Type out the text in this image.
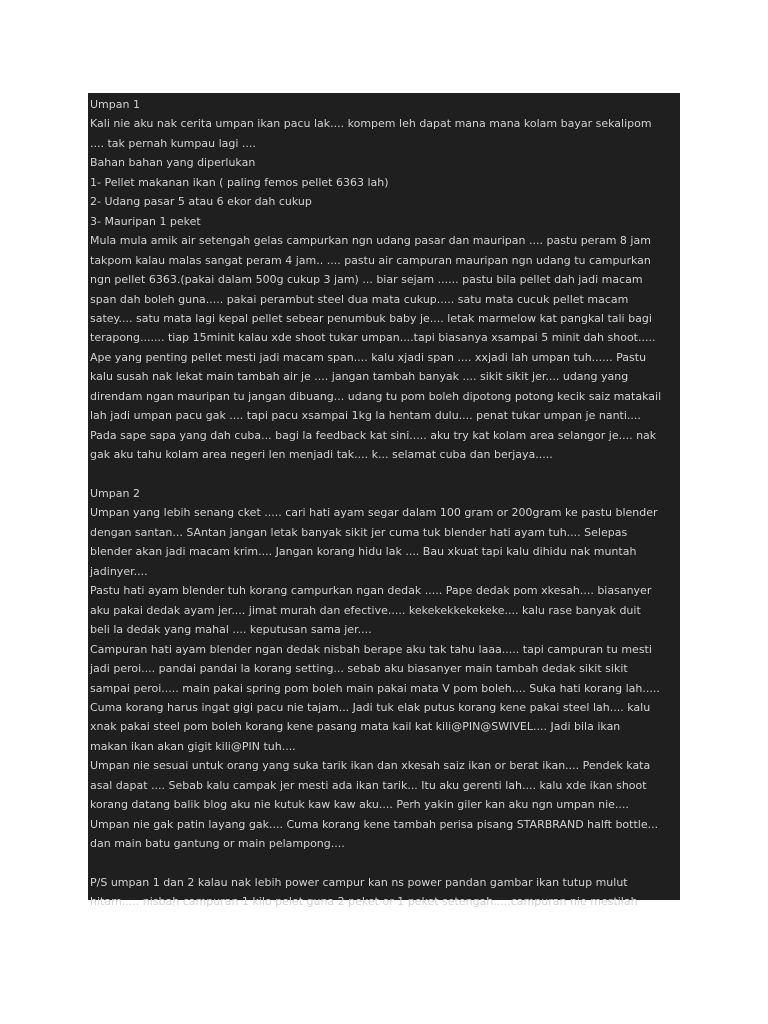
Umpan 1
Kali nie aku nak cerita umpan ikan pacu lak.... kompem leh dapat mana mana kolam bayar sekalipom
.... tak pernah kumpau lagi ....
Bahan bahan yang diperlukan
1- Pellet makanan ikan ( paling femos pellet 6363 lah)
2- Udang pasar 5 atau 6 ekor dah cukup
3- Mauripan 1 peket
Mula mula amik air setengah gelas campurkan ngn udang pasar dan mauripan .... pastu peram 8 jam
takpom kalau malas sangat peram 4 jam.. .... pastu air campuran mauripan ngn udang tu campurkan
ngn pellet 6363.(pakai dalam 500g cukup 3 jam) ... biar sejam ...... pastu bila pellet dah jadi macam
span dah boleh guna..... pakai perambut steel dua mata cukup..... satu mata cucuk pellet macam
satey.... satu mata lagi kepal pellet sebear penumbuk baby je.... letak marmelow kat pangkal tali bagi
terapong....... tiap 15minit kalau xde shoot tukar umpan....tapi biasanya xsampai 5 minit dah shoot.....
Ape yang penting pellet mesti jadi macam span.... kalu xjadi span .... xxjadi lah umpan tuh...... Pastu
kalu susah nak lekat main tambah air je .... jangan tambah banyak .... sikit sikit jer.... udang yang
direndam ngan mauripan tu jangan dibuang... udang tu pom boleh dipotong potong kecik saiz matakail
lah jadi umpan pacu gak .... tapi pacu xsampai 1kg la hentam dulu.... penat tukar umpan je nanti....
Pada sape sapa yang dah cuba... bagi la feedback kat sini..... aku try kat kolam area selangor je.... nak
gak aku tahu kolam area negeri len menjadi tak.... k... selamat cuba dan berjaya.....
Umpan 2
Umpan yang lebih senang cket ..... cari hati ayam segar dalam 100 gram or 200gram ke pastu blender
dengan santan... SAntan jangan letak banyak sikit jer cuma tuk blender hati ayam tuh.... Selepas
blender akan jadi macam krim.... Jangan korang hidu lak .... Bau xkuat tapi kalu dihidu nak muntah
jadinyer....
Pastu hati ayam blender tuh korang campurkan ngan dedak ..... Pape dedak pom xkesah.... biasanyer
aku pakai dedak ayam jer.... jimat murah dan efective..... kekekekkekekeke.... kalu rase banyak duit
beli la dedak yang mahal .... keputusan sama jer....
Campuran hati ayam blender ngan dedak nisbah berape aku tak tahu laaa..... tapi campuran tu mesti
jadi peroi.... pandai pandai la korang setting... sebab aku biasanyer main tambah dedak sikit sikit
sampai peroi..... main pakai spring pom boleh main pakai mata V pom boleh.... Suka hati korang lah.....
Cuma korang harus ingat gigi pacu nie tajam... Jadi tuk elak putus korang kene pakai steel lah.... kalu
xnak pakai steel pom boleh korang kene pasang mata kail kat kili@PIN@SWIVEL.... Jadi bila ikan
makan ikan akan gigit kili@PIN tuh....
Umpan nie sesuai untuk orang yang suka tarik ikan dan xkesah saiz ikan or berat ikan.... Pendek kata
asal dapat .... Sebab kalu campak jer mesti ada ikan tarik... Itu aku gerenti lah.... kalu xde ikan shoot
korang datang balik blog aku nie kutuk kaw kaw aku.... Perh yakin giler kan aku ngn umpan nie....
Umpan nie gak patin layang gak.... Cuma korang kene tambah perisa pisang STARBRAND halft bottle...
dan main batu gantung or main pelampong....
P/S umpan 1 dan 2 kalau nak lebih power campur kan ns power pandan gambar ikan tutup mulut
hitam..... nisbah campuran 1 kilo pelet guna 2 peket or 1 peket setengah.....campuran nie mestilah
